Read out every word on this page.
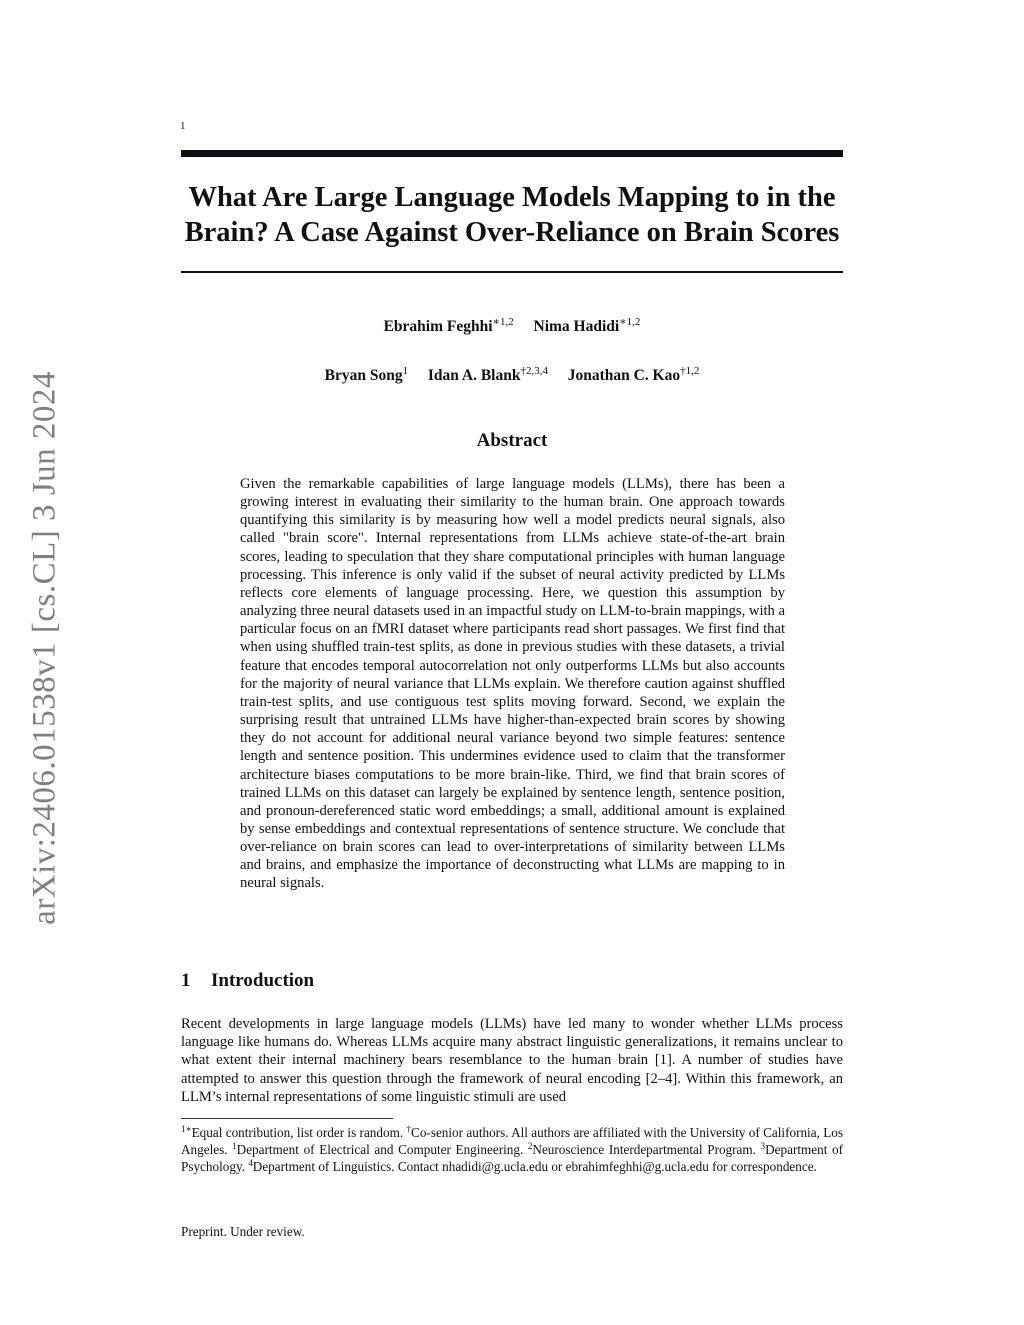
arXiv:2406.01538v1 [cs.CL] 3 Jun 2024
1
What Are Large Language Models Mapping to in the Brain? A Case Against Over-Reliance on Brain Scores
Ebrahim Feghhi$^{∗1,2}$ Nima Hadidi$^{∗1,2}$
Bryan Song$^1$ Idan A. Blank$^{\dagger 2,3,4}$ Jonathan C. Kao$^{\dagger 1,2}$
Abstract

Given the remarkable capabilities of large language models (LLMs), there has been a growing interest in evaluating their similarity to the human brain. One approach towards quantifying this similarity is by measuring how well a model predicts neural signals, also called "brain score". Internal representations from LLMs achieve state-of-the-art brain scores, leading to speculation that they share computational principles with human language processing. This inference is only valid if the subset of neural activity predicted by LLMs reflects core elements of language processing. Here, we question this assumption by analyzing three neural datasets used in an impactful study on LLM-to-brain mappings, with a particular focus on an fMRI dataset where participants read short passages. We first find that when using shuffled train-test splits, as done in previous studies with these datasets, a trivial feature that encodes temporal autocorrelation not only outperforms LLMs but also accounts for the majority of neural variance that LLMs explain. We therefore caution against shuffled train-test splits, and use contiguous test splits moving forward. Second, we explain the surprising result that untrained LLMs have higher-than-expected brain scores by showing they do not account for additional neural variance beyond two simple features: sentence length and sentence position. This undermines evidence used to claim that the transformer architecture biases computations to be more brain-like. Third, we find that brain scores of trained LLMs on this dataset can largely be explained by sentence length, sentence position, and pronoun-dereferenced static word embeddings; a small, additional amount is explained by sense embeddings and contextual representations of sentence structure. We conclude that over-reliance on brain scores can lead to over-interpretations of similarity between LLMs and brains, and emphasize the importance of deconstructing what LLMs are mapping to in neural signals.

1 Introduction

Recent developments in large language models (LLMs) have led many to wonder whether LLMs process language like humans do. Whereas LLMs acquire many abstract linguistic generalizations, it remains unclear to what extent their internal machinery bears resemblance to the human brain [1]. A number of studies have attempted to answer this question through the framework of neural encoding [2–4]. Within this framework, an LLM’s internal representations of some linguistic stimuli are used

$^{1∗}$Equal contribution, list order is random. †Co-senior authors. All authors are affiliated with the University of California, Los Angeles. $^1$Department of Electrical and Computer Engineering. $^2$Neuroscience Interdepartmental Program. $^3$Department of Psychology. $^4$Department of Linguistics. Contact nhadidi@g.ucla.edu or ebrahimfeghhi@g.ucla.edu for correspondence.

Preprint. Under review.
